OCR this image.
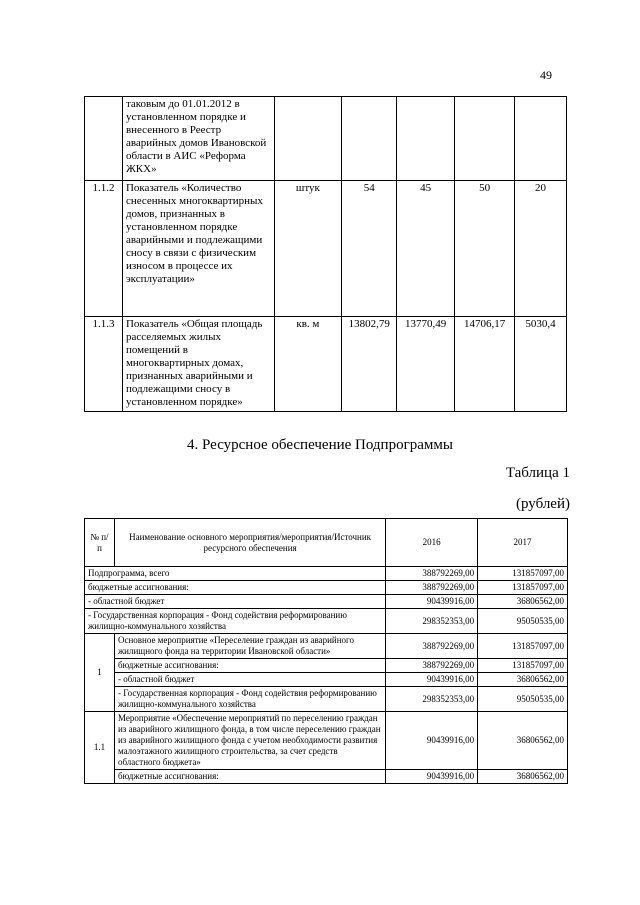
49
	таковым до 01.01.2012 в установленном порядке и внесенного в Реестр аварийных домов Ивановской области в АИС «Реформа ЖКХ»					
1.1.2	Показатель «Количество снесенных многоквартирных домов, признанных в установленном порядке аварийными и подлежащими сносу в связи с физическим износом в процессе их эксплуатации»	штук	54	45	50	20
1.1.3	Показатель «Общая площадь расселяемых жилых помещений в многоквартирных домах, признанных аварийными и подлежащими сносу в установленном порядке»	кв. м	13802,79	13770,49	14706,17	5030,4
4. Ресурсное обеспечение Подпрограммы
Таблица 1
(рублей)
№ п/п	Наименование основного мероприятия/мероприятия/Источник ресурсного обеспечения	2016	2017
Подпрограмма, всего		388792269,00	131857097,00
бюджетные ассигнования:		388792269,00	131857097,00
- областной бюджет		90439916,00	36806562,00
- Государственная корпорация - Фонд содействия реформированию жилищно-коммунального хозяйства		298352353,00	95050535,00
1	Основное мероприятие «Переселение граждан из аварийного жилищного фонда на территории Ивановской области»	388792269,00	131857097,00
	бюджетные ассигнования:	388792269,00	131857097,00
	- областной бюджет	90439916,00	36806562,00
	- Государственная корпорация - Фонд содействия реформированию жилищно-коммунального хозяйства	298352353,00	95050535,00
1.1	Мероприятие «Обеспечение мероприятий по переселению граждан из аварийного жилищного фонда, в том числе переселению граждан из аварийного жилищного фонда с учетом необходимости развития малоэтажного жилищного строительства, за счет средств областного бюджета»	90439916,00	36806562,00
	бюджетные ассигнования:	90439916,00	36806562,00
